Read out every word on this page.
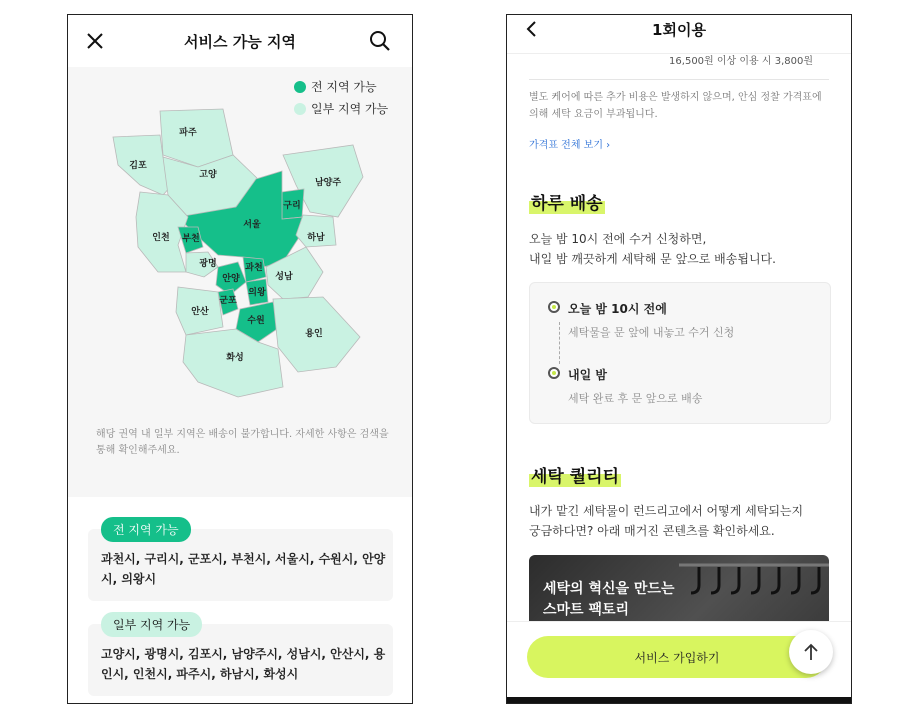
서비스 가능 지역
전 지역 가능
일부 지역 가능
파주
김포
고양
남양주
구리
서울
인천 부천	하남
광명
안양
과천
성남
의왕
군포
안산
수원
용인
화성
해당 권역 내 일부 지역은 배송이 불가합니다. 자세한 사항은 검색을 통해 확인해주세요.
과천시, 구리시, 군포시, 부천시, 서울시, 수원시, 안양시, 의왕시
전 지역 가능
고양시, 광명시, 김포시, 남양주시, 성남시, 안산시, 용인시, 인천시, 파주시, 하남시, 화성시
일부 지역 가능
16,500원 이상 이용 시 3,800원
1회이용
별도 케어에 따른 추가 비용은 발생하지 않으며, 안심 정찰 가격표에 의해 세탁 요금이 부과됩니다.
가격표 전체 보기 ›
하루 배송
오늘 밤 10시 전에 수거 신청하면,
내일 밤 깨끗하게 세탁해 문 앞으로 배송됩니다.
오늘 밤 10시 전에
세탁물을 문 앞에 내놓고 수거 신청
내일 밤
세탁 완료 후 문 앞으로 배송
세탁 퀄리티
내가 맡긴 세탁물이 런드리고에서 어떻게 세탁되는지
궁금하다면? 아래 매거진 콘텐츠를 확인하세요.
세탁의 혁신을 만드는
스마트 팩토리
서비스 가입하기
